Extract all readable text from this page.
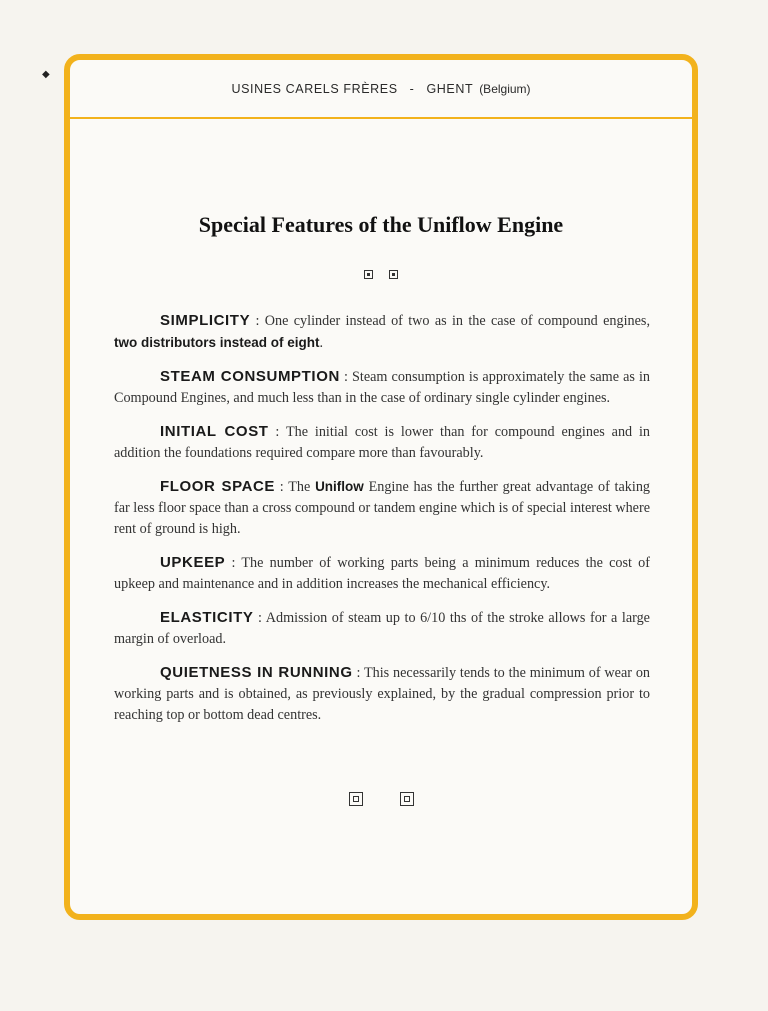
◆
USINES CARELS FRÈRES - GHENT (Belgium)
Special Features of the Uniflow Engine

SIMPLICITY : One cylinder instead of two as in the case of compound engines, two distributors instead of eight.

STEAM CONSUMPTION : Steam consumption is approximately the same as in Compound Engines, and much less than in the case of ordinary single cylinder engines.

INITIAL COST : The initial cost is lower than for compound engines and in addition the foundations required compare more than favourably.

FLOOR SPACE : The Uniflow Engine has the further great advantage of taking far less floor space than a cross compound or tandem engine which is of special interest where rent of ground is high.

UPKEEP : The number of working parts being a minimum reduces the cost of upkeep and maintenance and in addition increases the mechanical efficiency.

ELASTICITY : Admission of steam up to 6/10 ths of the stroke allows for a large margin of overload.

QUIETNESS IN RUNNING : This necessarily tends to the minimum of wear on working parts and is obtained, as previously explained, by the gradual compression prior to reaching top or bottom dead centres.
